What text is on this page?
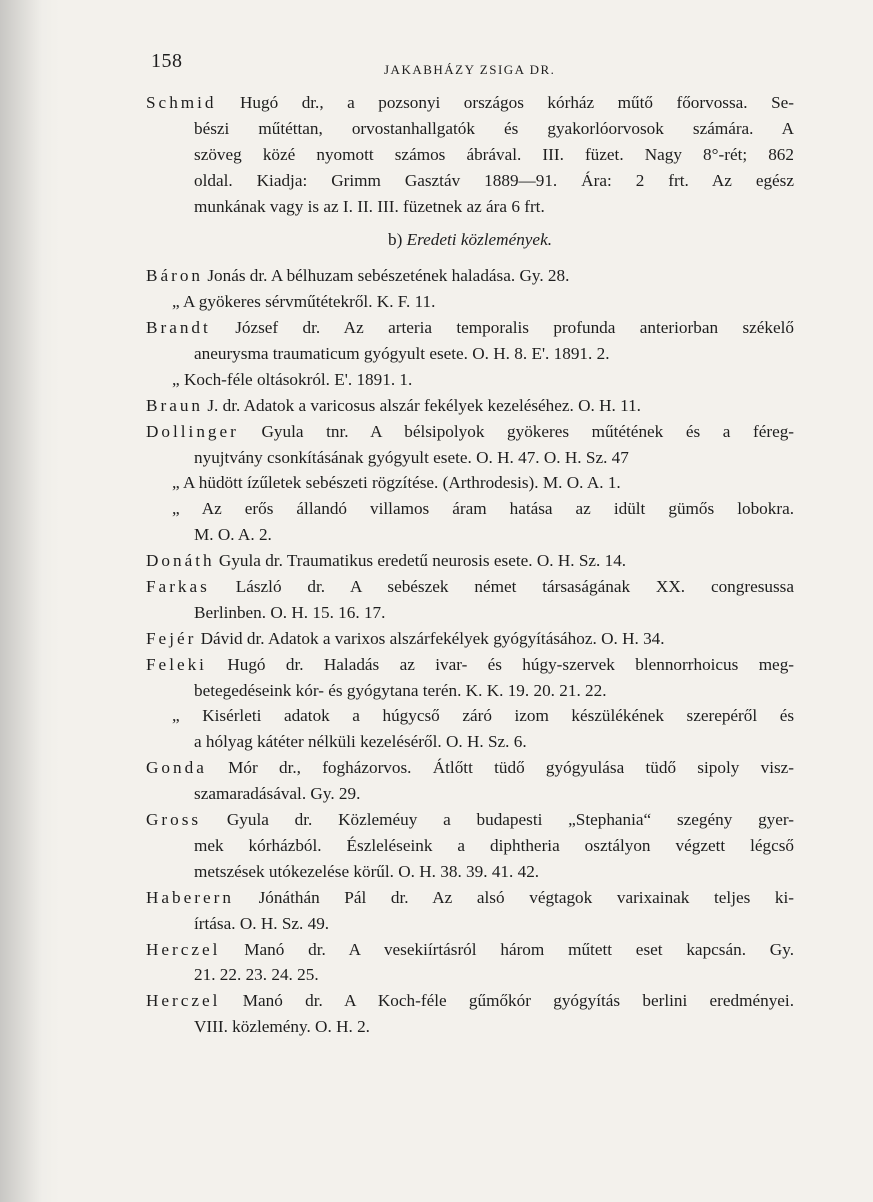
158	JAKABHÁZY ZSIGA DR.
Schmid Hugó dr., a pozsonyi országos kórház műtő főorvossa. Se-
bészi műtéttan, orvostanhallgatók és gyakorlóorvosok számára. A
szöveg közé nyomott számos ábrával. III. füzet. Nagy 8°-rét; 862
oldal. Kiadja: Grimm Gasztáv 1889—91. Ára: 2 frt. Az egész
munkának vagy is az I. II. III. füzetnek az ára 6 frt.
b) Eredeti közlemények.
Báron Jonás dr. A bélhuzam sebészetének haladása. Gy. 28.
„ A gyökeres sérvműtétekről. K. F. 11.
Brandt József dr. Az arteria temporalis profunda anteriorban székelő
aneurysma traumaticum gyógyult esete. O. H. 8. E'. 1891. 2.
„ Koch-féle oltásokról. E'. 1891. 1.
Braun J. dr. Adatok a varicosus alszár fekélyek kezeléséhez. O. H. 11.
Dollinger Gyula tnr. A bélsipolyok gyökeres műtétének és a féreg-
nyujtvány csonkításának gyógyult esete. O. H. 47. O. H. Sz. 47
„ A hüdött ízűletek sebészeti rögzítése. (Arthrodesis). M. O. A. 1.
„ Az erős állandó villamos áram hatása az idült gümős lobokra.
M. O. A. 2.
Donáth Gyula dr. Traumatikus eredetű neurosis esete. O. H. Sz. 14.
Farkas László dr. A sebészek német társaságának XX. congresussa
Berlinben. O. H. 15. 16. 17.
Fejér Dávid dr. Adatok a varixos alszárfekélyek gyógyításához. O. H. 34.
Feleki Hugó dr. Haladás az ivar- és húgy-szervek blennorrhoicus meg-
betegedéseink kór- és gyógytana terén. K. K. 19. 20. 21. 22.
„ Kisérleti adatok a húgycső záró izom készülékének szerepéről és
a hólyag kátéter nélküli kezeléséről. O. H. Sz. 6.
Gonda Mór dr., fogházorvos. Átlőtt tüdő gyógyulása tüdő sipoly visz-
szamaradásával. Gy. 29.
Gross Gyula dr. Közleméuy a budapesti „Stephania“ szegény gyer-
mek kórházból. Észleléseink a diphtheria osztályon végzett légcső
metszések utókezelése körűl. O. H. 38. 39. 41. 42.
Haberern Jónáthán Pál dr. Az alsó végtagok varixainak teljes ki-
írtása. O. H. Sz. 49.
Herczel Manó dr. A vesekiírtásról három műtett eset kapcsán. Gy.
21. 22. 23. 24. 25.
Herczel Manó dr. A Koch-féle gűmőkór gyógyítás berlini eredményei.
VIII. közlemény. O. H. 2.
